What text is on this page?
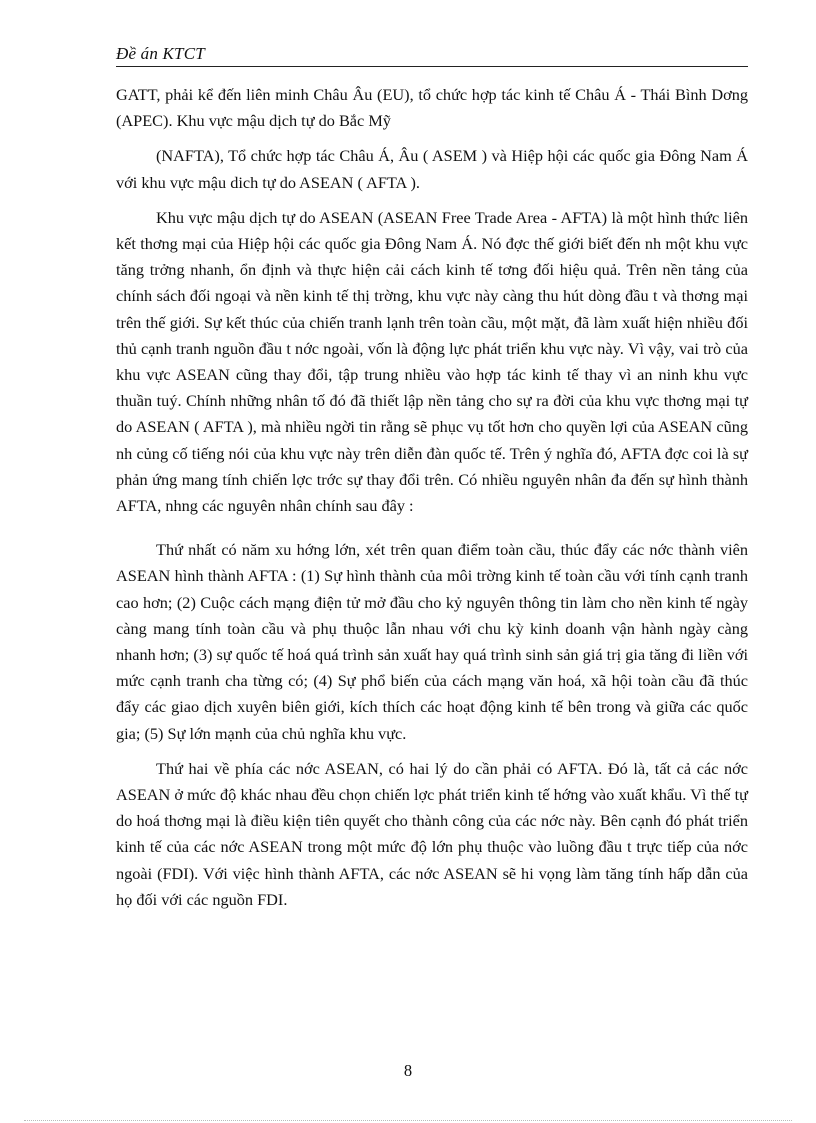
Đề án KTCT

GATT, phải kể đến liên minh Châu Âu (EU), tổ chức hợp tác kinh tế Châu Á - Thái Bình Dơng (APEC). Khu vực mậu dịch tự do Bắc Mỹ

(NAFTA), Tổ chức hợp tác Châu Á, Âu ( ASEM ) và Hiệp hội các quốc gia Đông Nam Á với khu vực mậu dich tự do ASEAN ( AFTA ).

Khu vực mậu dịch tự do ASEAN (ASEAN Free Trade Area - AFTA) là một hình thức liên kết thơng mại của Hiệp hội các quốc gia Đông Nam Á. Nó đợc thế giới biết đến nh một khu vực tăng trởng nhanh, ổn định và thực hiện cải cách kinh tế tơng đối hiệu quả. Trên nền tảng của chính sách đối ngoại và nền kinh tế thị trờng, khu vực này càng thu hút dòng đầu t và thơng mại trên thế giới. Sự kết thúc của chiến tranh lạnh trên toàn cầu, một mặt, đã làm xuất hiện nhiều đối thủ cạnh tranh nguồn đầu t nớc ngoài, vốn là động lực phát triển khu vực này. Vì vậy, vai trò của khu vực ASEAN cũng thay đổi, tập trung nhiều vào hợp tác kinh tế thay vì an ninh khu vực thuần tuý. Chính những nhân tố đó đã thiết lập nền tảng cho sự ra đời của khu vực thơng mại tự do ASEAN ( AFTA ), mà nhiều ngời tin rằng sẽ phục vụ tốt hơn cho quyền lợi của ASEAN cũng nh củng cố tiếng nói của khu vực này trên diễn đàn quốc tế. Trên ý nghĩa đó, AFTA đợc coi là sự phản ứng mang tính chiến lợc trớc sự thay đổi trên. Có nhiều nguyên nhân đa đến sự hình thành AFTA, nhng các nguyên nhân chính sau đây :

Thứ nhất có năm xu hớng lớn, xét trên quan điểm toàn cầu, thúc đẩy các nớc thành viên ASEAN hình thành AFTA : (1) Sự hình thành của môi trờng kinh tế toàn cầu với tính cạnh tranh cao hơn; (2) Cuộc cách mạng điện tử mở đầu cho kỷ nguyên thông tin làm cho nền kinh tế ngày càng mang tính toàn cầu và phụ thuộc lẫn nhau với chu kỳ kinh doanh vận hành ngày càng nhanh hơn; (3) sự quốc tế hoá quá trình sản xuất hay quá trình sinh sản giá trị gia tăng đi liền với mức cạnh tranh cha từng có; (4) Sự phổ biến của cách mạng văn hoá, xã hội toàn cầu đã thúc đẩy các giao dịch xuyên biên giới, kích thích các hoạt động kinh tế bên trong và giữa các quốc gia; (5) Sự lớn mạnh của chủ nghĩa khu vực.

Thứ hai về phía các nớc ASEAN, có hai lý do cần phải có AFTA. Đó là, tất cả các nớc ASEAN ở mức độ khác nhau đều chọn chiến lợc phát triển kinh tế hớng vào xuất khẩu. Vì thế tự do hoá thơng mại là điều kiện tiên quyết cho thành công của các nớc này. Bên cạnh đó phát triển kinh tế của các nớc ASEAN trong một mức độ lớn phụ thuộc vào luồng đầu t trực tiếp của nớc ngoài (FDI). Với việc hình thành AFTA, các nớc ASEAN sẽ hi vọng làm tăng tính hấp dẫn của họ đối với các nguồn FDI.

8
